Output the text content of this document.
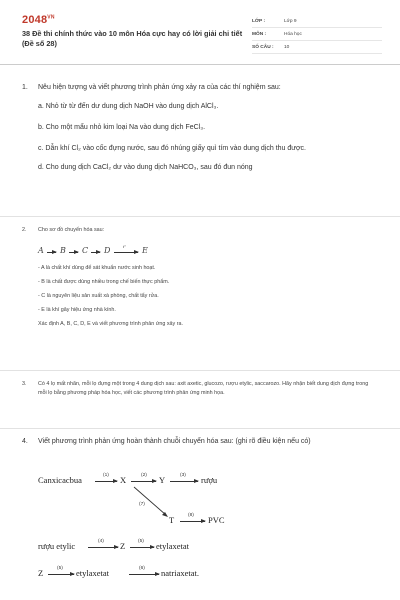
$2048^{VN}$
38 Đề thi chính thức vào 10 môn Hóa cực hay có lời giải chi tiết (Đề số 28)
LỚP :	Lớp 9
MÔN :	Hóa học
SỐ CÂU :	10
1. Nêu hiện tượng và viết phương trình phản ứng xảy ra của các thí nghiệm sau:
a. Nhỏ từ từ đến dư dung dịch NaOH vào dung dịch AlCl₃.
b. Cho một mẩu nhỏ kim loại Na vào dung dịch FeCl₃.
c. Dẫn khí Cl₂ vào cốc đựng nước, sau đó nhúng giấy quì tím vào dung dịch thu được.
d. Cho dung dịch CaCl₂ dư vào dung dịch NaHCO₃, sau đó đun nóng
2. Cho sơ đồ chuyển hóa sau:
A B C D	t° E
- A là chất khí dùng để sát khuẩn nước sinh hoạt.
- B là chất được dùng nhiều trong chế biến thực phẩm.
- C là nguyên liệu sản xuất xà phòng, chất tẩy rửa.
- E là khí gây hiệu ứng nhà kính.
Xác định A, B, C, D, E và viết phương trình phản ứng xảy ra.
3. Có 4 lọ mất nhãn, mỗi lọ đựng một trong 4 dung dịch sau: axit axetic, glucozo, rượu etylic, saccarozo. Hãy nhận biết dung dịch đựng trong mỗi lọ bằng phương pháp hóa học, viết các phương trình phản ứng minh họa.
4. Viết phương trình phản ứng hoàn thành chuỗi chuyển hóa sau: (ghi rõ điều kiện nếu có)
Canxicacbua	(1) X	(2) Y	(3) rượu
(7)
T	(8) PVC
rượu etylic	(4) Z	(5) etylaxetat
Z	(5) etylaxetat	(6) natriaxetat.
